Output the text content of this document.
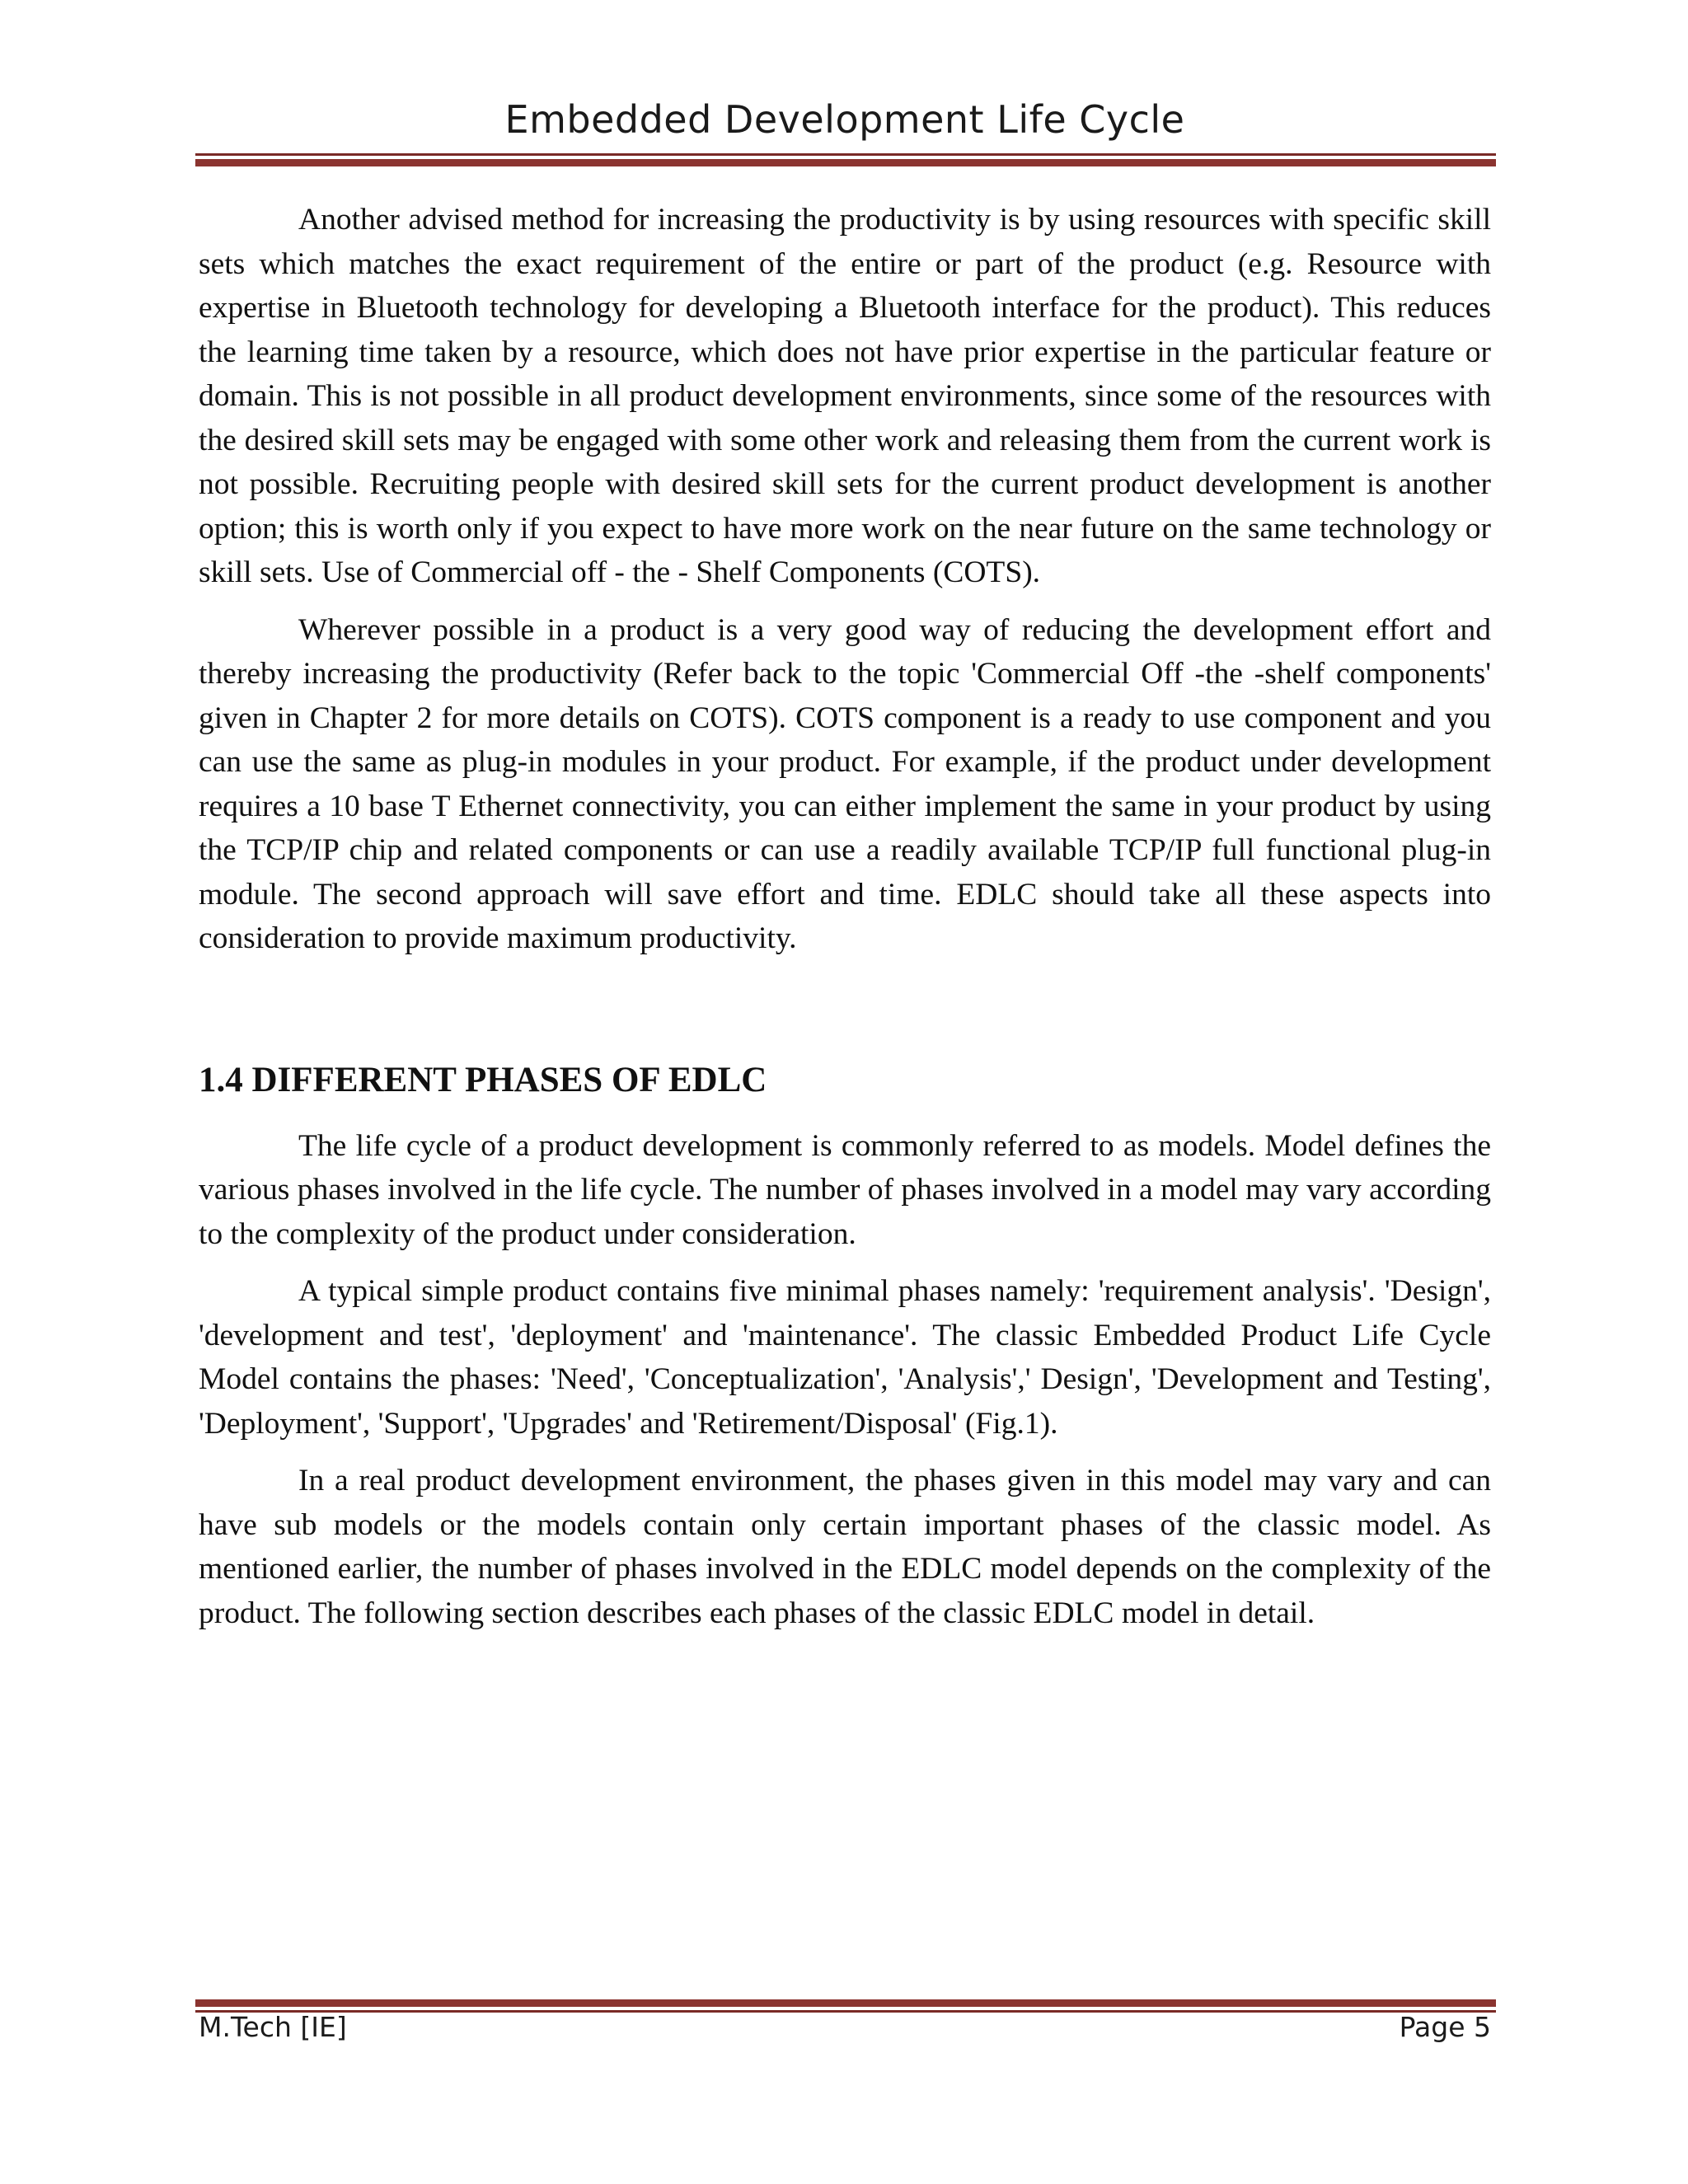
Embedded Development Life Cycle

Another advised method for increasing the productivity is by using resources with specific skill sets which matches the exact requirement of the entire or part of the product (e.g. Resource with expertise in Bluetooth technology for developing a Bluetooth interface for the product). This reduces the learning time taken by a resource, which does not have prior expertise in the particular feature or domain. This is not possible in all product development environments, since some of the resources with the desired skill sets may be engaged with some other work and releasing them from the current work is not possible. Recruiting people with desired skill sets for the current product development is another option; this is worth only if you expect to have more work on the near future on the same technology or skill sets. Use of Commercial off - the - Shelf Components (COTS).

Wherever possible in a product is a very good way of reducing the development effort and thereby increasing the productivity (Refer back to the topic 'Commercial Off -the -shelf components' given in Chapter 2 for more details on COTS). COTS component is a ready to use component and you can use the same as plug-in modules in your product. For example, if the product under development requires a 10 base T Ethernet connectivity, you can either implement the same in your product by using the TCP/IP chip and related components or can use a readily available TCP/IP full functional plug-in module. The second approach will save effort and time. EDLC should take all these aspects into consideration to provide maximum productivity.

1.4 DIFFERENT PHASES OF EDLC

The life cycle of a product development is commonly referred to as models. Model defines the various phases involved in the life cycle. The number of phases involved in a model may vary according to the complexity of the product under consideration.

A typical simple product contains five minimal phases namely: 'requirement analysis'. 'Design', 'development and test', 'deployment' and 'maintenance'. The classic Embedded Product Life Cycle Model contains the phases: 'Need', 'Conceptualization', 'Analysis',' Design', 'Development and Testing', 'Deployment', 'Support', 'Upgrades' and 'Retirement/Disposal' (Fig.1).

In a real product development environment, the phases given in this model may vary and can have sub models or the models contain only certain important phases of the classic model. As mentioned earlier, the number of phases involved in the EDLC model depends on the complexity of the product. The following section describes each phases of the classic EDLC model in detail.

M.Tech [IE]	Page 5
